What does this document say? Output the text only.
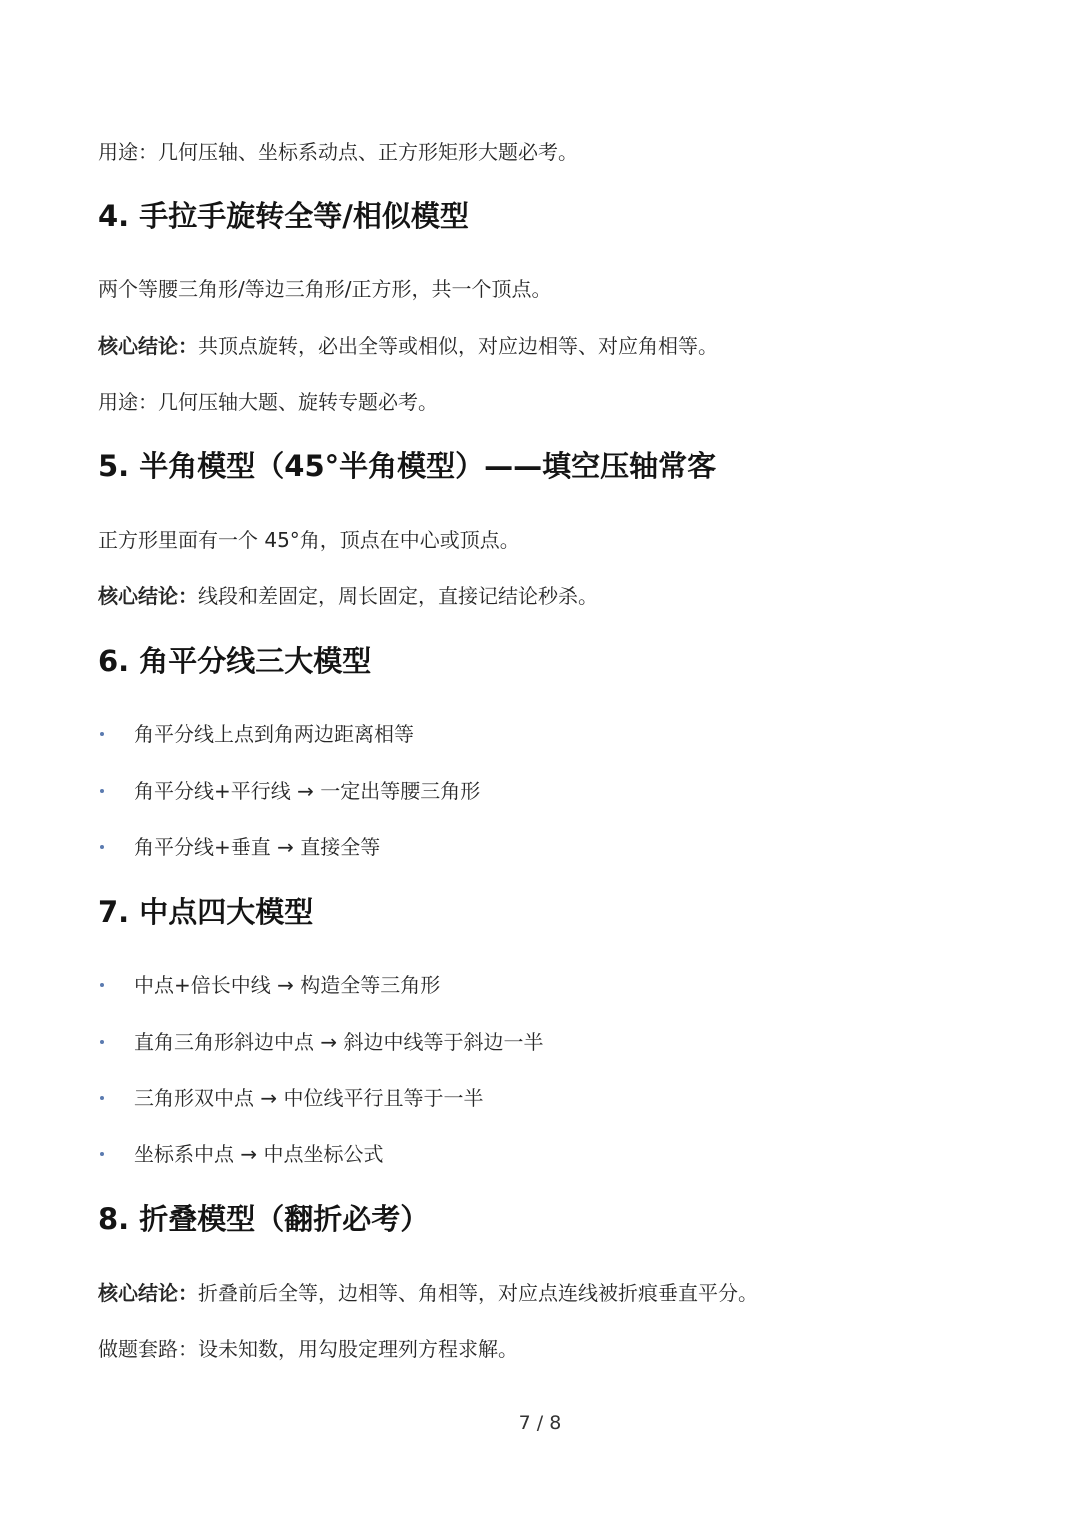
用途：几何压轴、坐标系动点、正方形矩形大题必考。
4. 手拉手旋转全等/相似模型
两个等腰三角形/等边三角形/正方形，共一个顶点。
核心结论：共顶点旋转，必出全等或相似，对应边相等、对应角相等。
用途：几何压轴大题、旋转专题必考。
5. 半角模型（45°半角模型）——填空压轴常客
正方形里面有一个 45°角，顶点在中心或顶点。
核心结论：线段和差固定，周长固定，直接记结论秒杀。
6. 角平分线三大模型
角平分线上点到角两边距离相等
角平分线+平行线 → 一定出等腰三角形
角平分线+垂直 → 直接全等
7. 中点四大模型
中点+倍长中线 → 构造全等三角形
直角三角形斜边中点 → 斜边中线等于斜边一半
三角形双中点 → 中位线平行且等于一半
坐标系中点 → 中点坐标公式
8. 折叠模型（翻折必考）
核心结论：折叠前后全等，边相等、角相等，对应点连线被折痕垂直平分。
做题套路：设未知数，用勾股定理列方程求解。
7 / 8
